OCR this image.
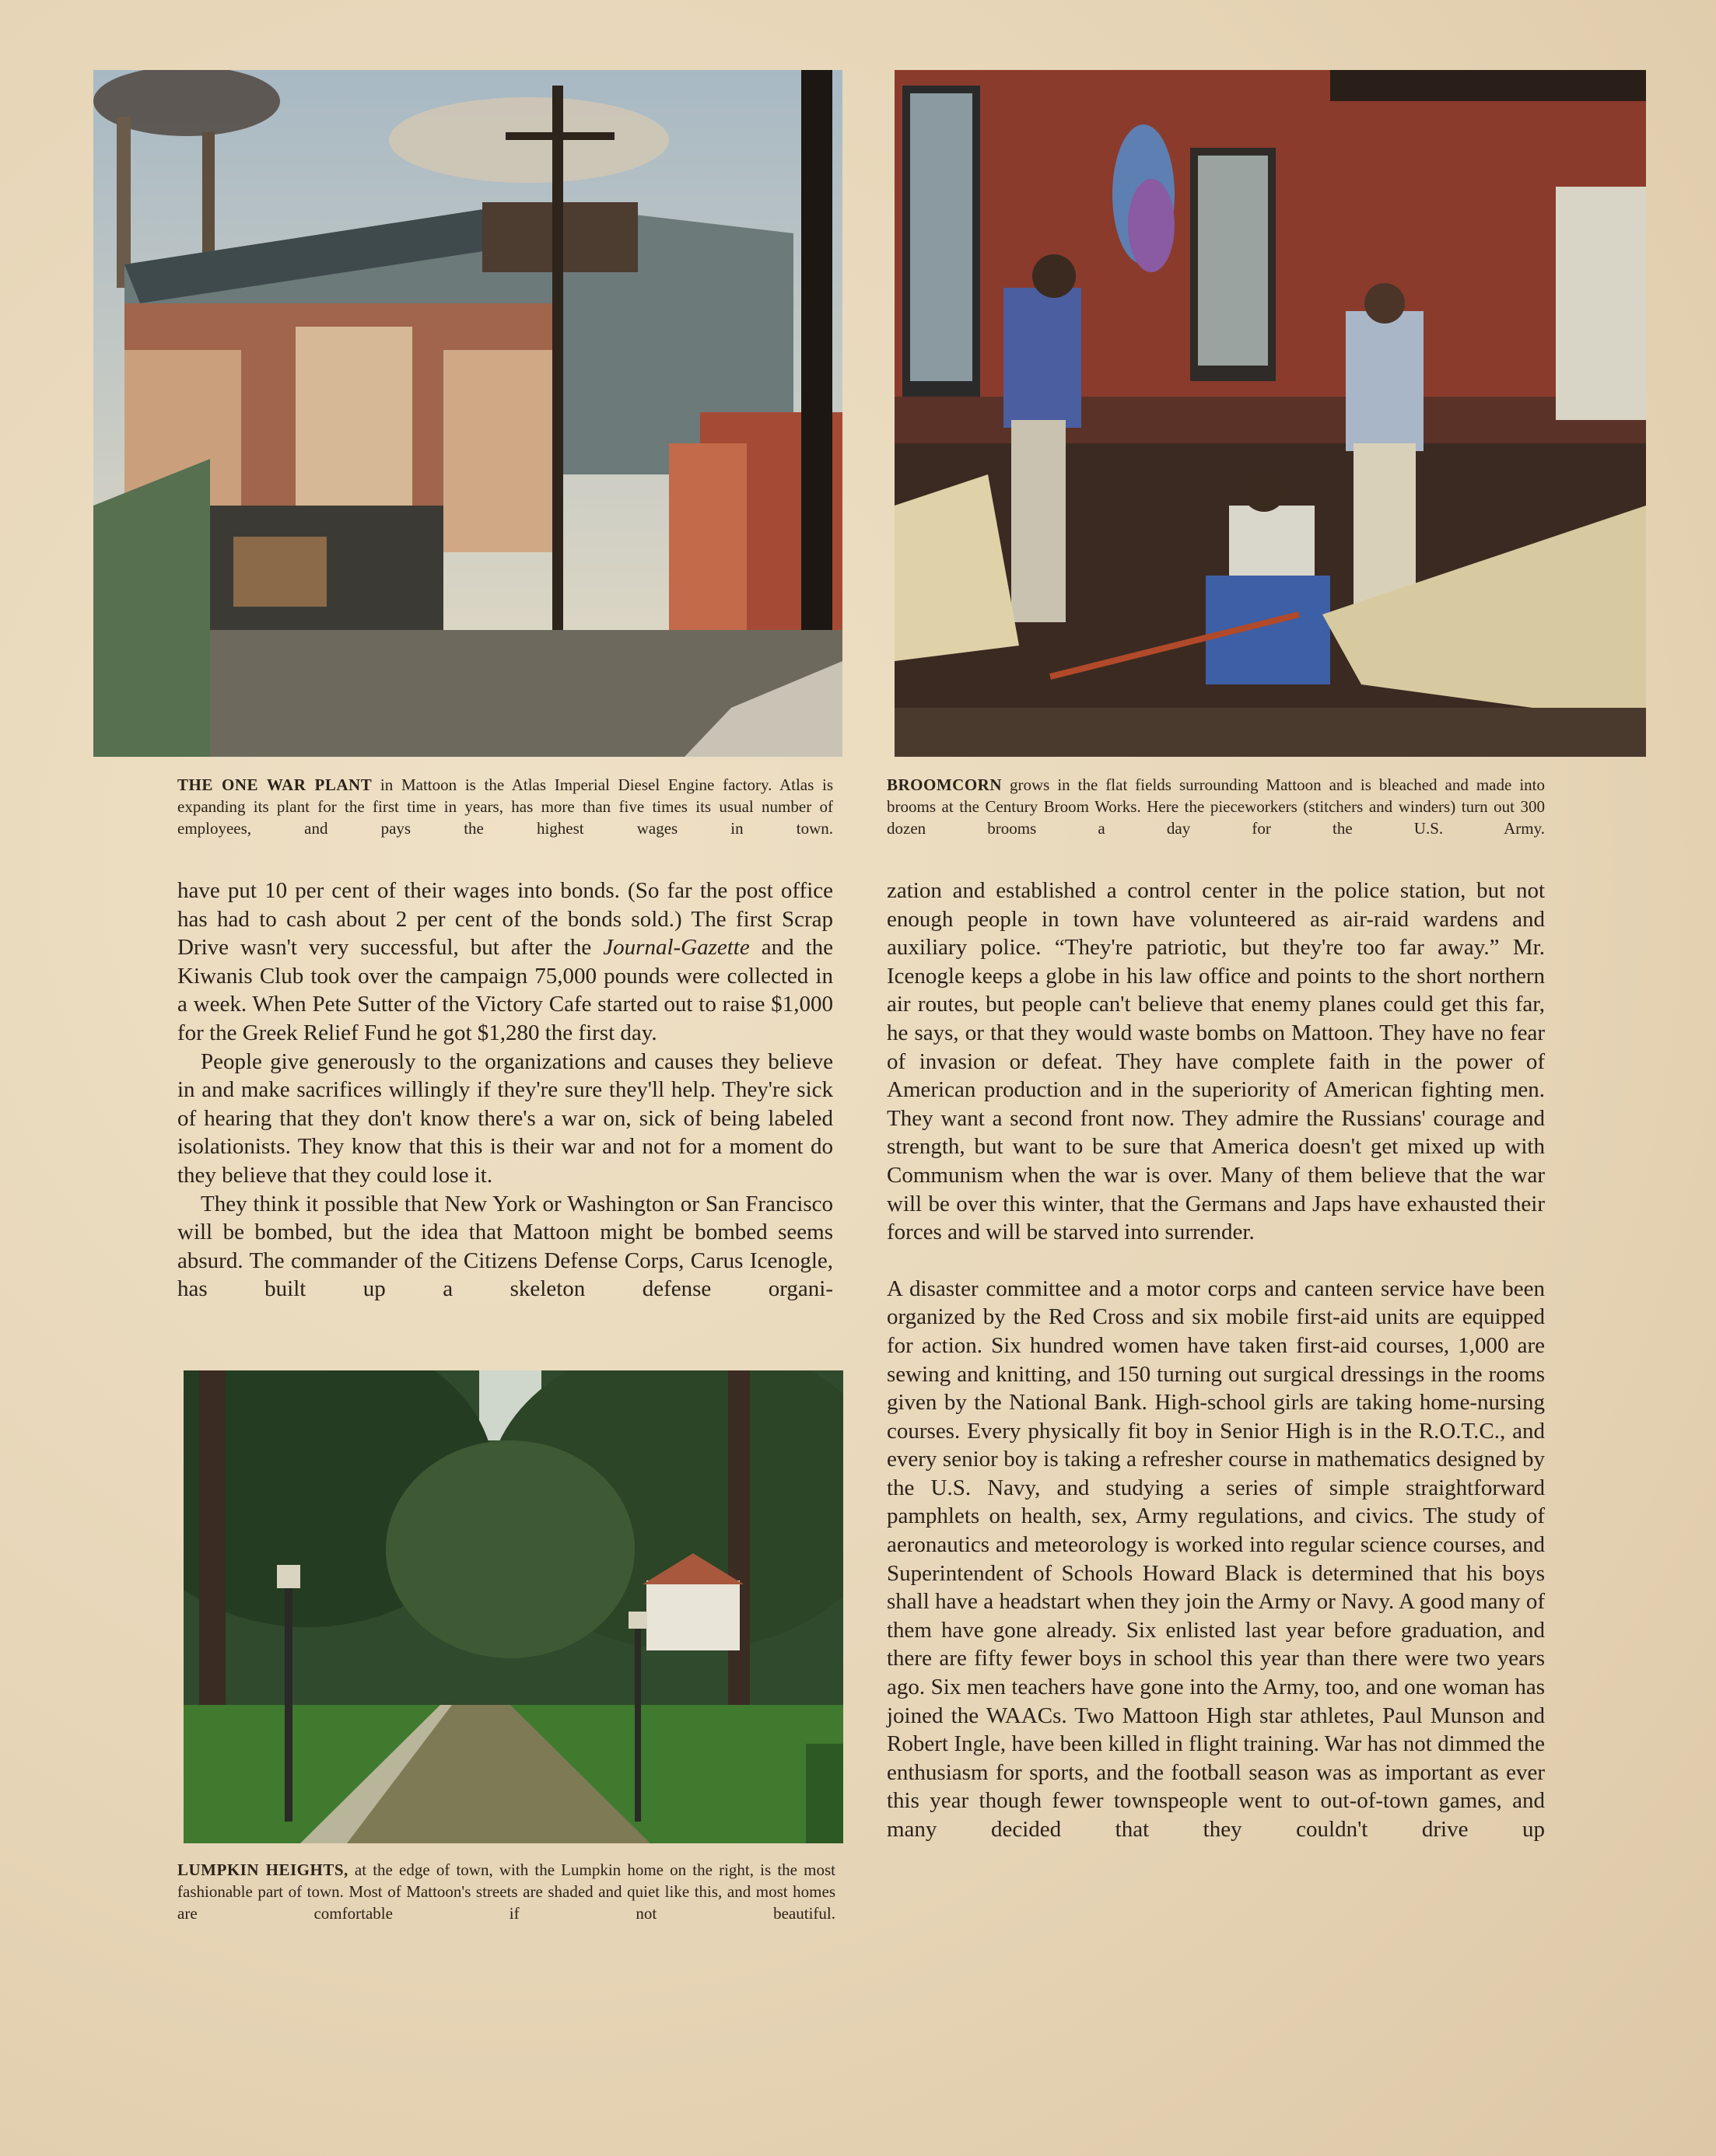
THE ONE WAR PLANT in Mattoon is the Atlas Imperial Diesel Engine factory. Atlas is expanding its plant for the first time in years, has more than five times its usual number of employees, and pays the highest wages in town.
BROOMCORN grows in the flat fields surrounding Mattoon and is bleached and made into brooms at the Century Broom Works. Here the pieceworkers (stitchers and winders) turn out 300 dozen brooms a day for the U.S. Army.

have put 10 per cent of their wages into bonds. (So far the post office has had to cash about 2 per cent of the bonds sold.) The first Scrap Drive wasn't very successful, but after the Journal-Gazette and the Kiwanis Club took over the campaign 75,000 pounds were collected in a week. When Pete Sutter of the Victory Cafe started out to raise $1,000 for the Greek Relief Fund he got $1,280 the first day.

People give generously to the organizations and causes they believe in and make sacrifices willingly if they're sure they'll help. They're sick of hearing that they don't know there's a war on, sick of being labeled isolationists. They know that this is their war and not for a moment do they believe that they could lose it.

They think it possible that New York or Washington or San Francisco will be bombed, but the idea that Mattoon might be bombed seems absurd. The commander of the Citizens Defense Corps, Carus Icenogle, has built up a skeleton defense organi-

LUMPKIN HEIGHTS, at the edge of town, with the Lumpkin home on the right, is the most fashionable part of town. Most of Mattoon's streets are shaded and quiet like this, and most homes are comfortable if not beautiful.

zation and established a control center in the police station, but not enough people in town have volunteered as air-raid wardens and auxiliary police. “They're patriotic, but they're too far away.” Mr. Icenogle keeps a globe in his law office and points to the short northern air routes, but people can't believe that enemy planes could get this far, he says, or that they would waste bombs on Mattoon. They have no fear of invasion or defeat. They have complete faith in the power of American production and in the superiority of American fighting men. They want a second front now. They admire the Russians' courage and strength, but want to be sure that America doesn't get mixed up with Communism when the war is over. Many of them believe that the war will be over this winter, that the Germans and Japs have exhausted their forces and will be starved into surrender.

A disaster committee and a motor corps and canteen service have been organized by the Red Cross and six mobile first-aid units are equipped for action. Six hundred women have taken first-aid courses, 1,000 are sewing and knitting, and 150 turning out surgical dressings in the rooms given by the National Bank. High-school girls are taking home-nursing courses. Every physically fit boy in Senior High is in the R.O.T.C., and every senior boy is taking a refresher course in mathematics designed by the U.S. Navy, and studying a series of simple straightforward pamphlets on health, sex, Army regulations, and civics. The study of aeronautics and meteorology is worked into regular science courses, and Superintendent of Schools Howard Black is determined that his boys shall have a headstart when they join the Army or Navy. A good many of them have gone already. Six enlisted last year before graduation, and there are fifty fewer boys in school this year than there were two years ago. Six men teachers have gone into the Army, too, and one woman has joined the WAACs. Two Mattoon High star athletes, Paul Munson and Robert Ingle, have been killed in flight training. War has not dimmed the enthusiasm for sports, and the football season was as important as ever this year though fewer townspeople went to out-of-town games, and many decided that they couldn't drive up
